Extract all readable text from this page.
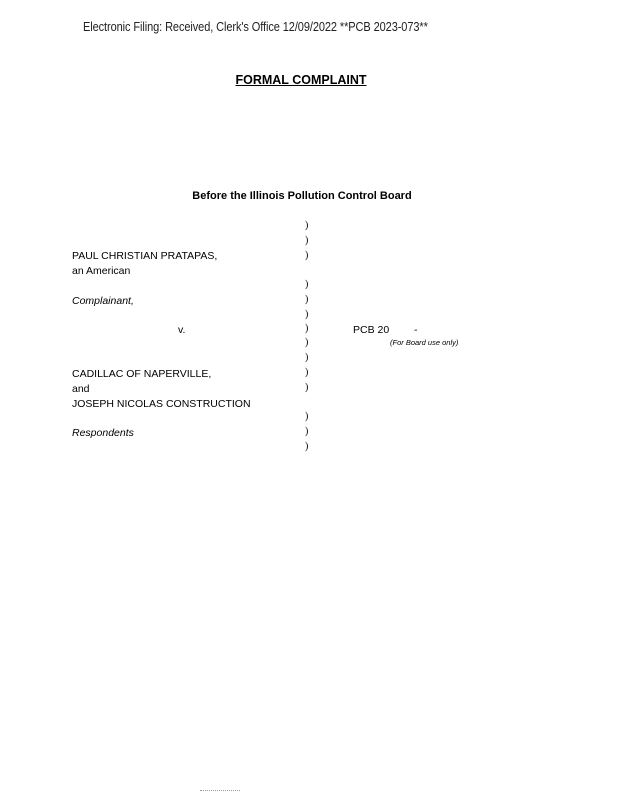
Electronic Filing: Received, Clerk's Office 12/09/2022 **PCB 2023-073**
FORMAL COMPLAINT
Before the Illinois Pollution Control Board
PAUL CHRISTIAN PRATAPAS,
an American
Complainant,
v.
CADILLAC OF NAPERVILLE,
and
JOSEPH NICOLAS CONSTRUCTION
Respondents
PCB 20 -
(For Board use only)
)
)
)
)
)
)
)
)
)
)
)
)
)
)
